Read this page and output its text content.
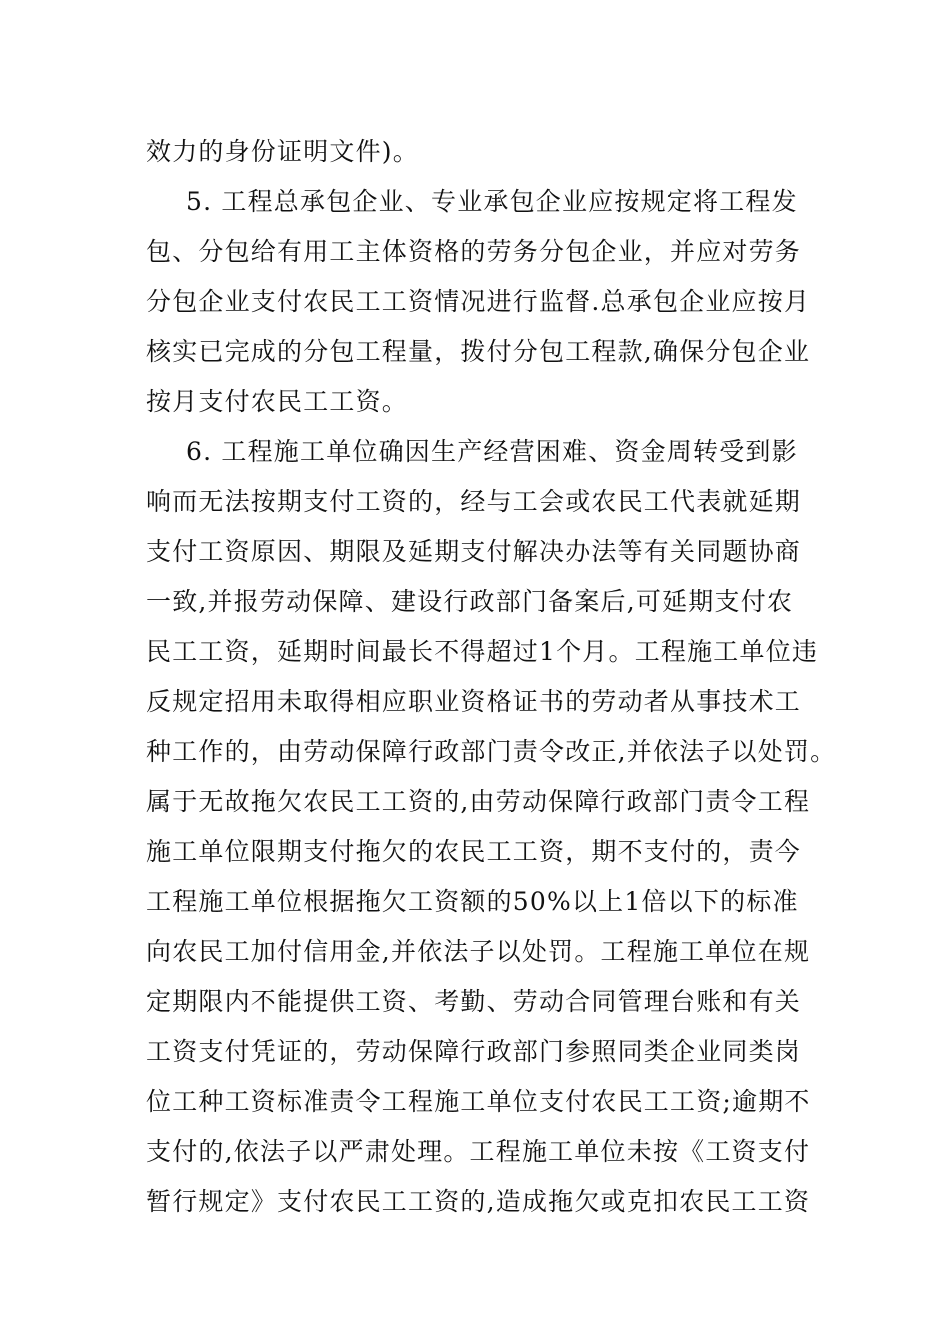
效力的身份证明文件)。
5. 工程总承包企业、专业承包企业应按规定将工程发
包、分包给有用工主体资格的劳务分包企业，并应对劳务
分包企业支付农民工工资情况进行监督.总承包企业应按月
核实已完成的分包工程量，拨付分包工程款,确保分包企业
按月支付农民工工资。
6. 工程施工单位确因生产经营困难、资金周转受到影
响而无法按期支付工资的，经与工会或农民工代表就延期
支付工资原因、期限及延期支付解决办法等有关同题协商
一致,并报劳动保障、建设行政部门备案后,可延期支付农
民工工资，延期时间最长不得超过1个月。工程施工单位违
反规定招用未取得相应职业资格证书的劳动者从事技术工
种工作的，由劳动保障行政部门责令改正,并依法子以处罚。
属于无故拖欠农民工工资的,由劳动保障行政部门责令工程
施工单位限期支付拖欠的农民工工资，期不支付的，责今
工程施工单位根据拖欠工资额的50%以上1倍以下的标准
向农民工加付信用金,并依法子以处罚。工程施工单位在规
定期限内不能提供工资、考勤、劳动合同管理台账和有关
工资支付凭证的，劳动保障行政部门参照同类企业同类岗
位工种工资标准责令工程施工单位支付农民工工资;逾期不
支付的,依法子以严肃处理。工程施工单位未按《工资支付
暂行规定》支付农民工工资的,造成拖欠或克扣农民工工资
